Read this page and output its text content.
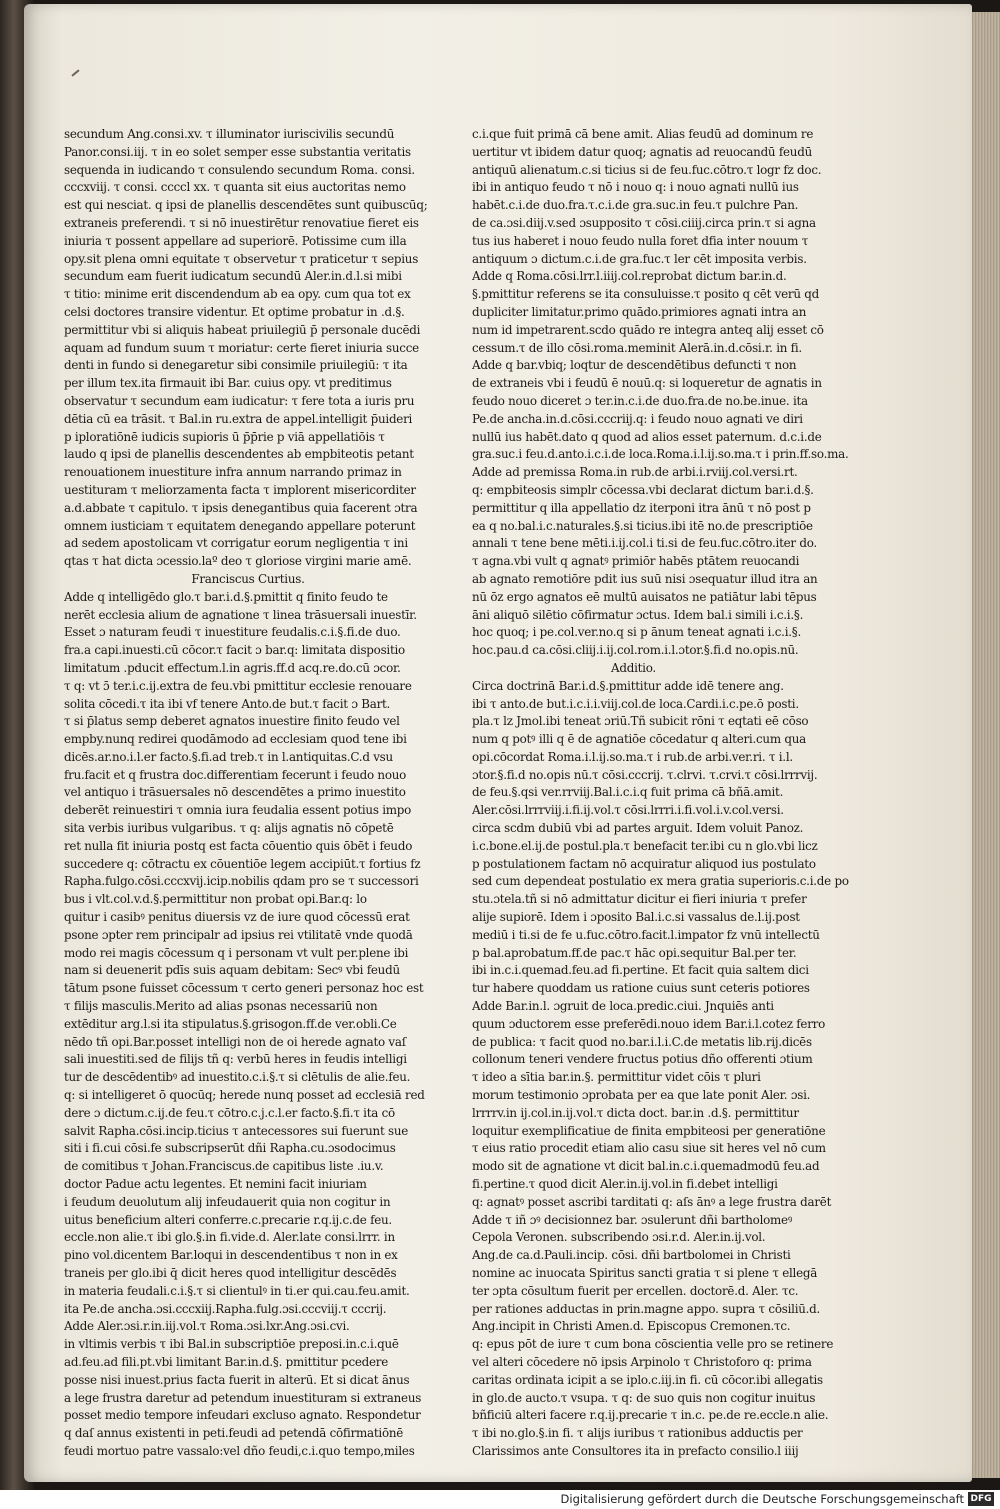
secundum Ang.consi.xv. τ illuminator iuriscivilis secundū
Panor.consi.iij. τ in eo solet semper esse substantia veritatis
sequenda in iudicando τ consulendo secundum Roma. consi.
cccxviij. τ consi. ccccl xx. τ quanta sit eius auctoritas nemo
est qui nesciat. q ipsi de planellis descendētes sunt quibuscūq;
extraneis preferendi. τ si nō inuestirētur renovatiue fieret eis
iniuria τ possent appellare ad superiorē. Potissime cum illa
opy.sit plena omni equitate τ observetur τ praticetur τ sepius
secundum eam fuerit iudicatum secundū Aler.in.d.l.si mibi
τ titio: minime erit discendendum ab ea opy. cum qua tot ex
celsi doctores transire videntur. Et optime probatur in .d.§.
permittitur vbi si aliquis habeat priuilegiū p̄ personale ducēdi
aquam ad fundum suum τ moriatur: certe fieret iniuria succe
denti in fundo si denegaretur sibi consimile priuilegiū: τ ita
per illum tex.ita firmauit ibi Bar. cuius opy. vt preditimus
observatur τ secundum eam iudicatur: τ fere tota a iuris pru
dētia cū ea trāsit. τ Bal.in ru.extra de appel.intelligit p̄uideri
p iploratiōnē iudicis supioris ū p̄p̄rie p viā appellatiōis τ
laudo q ipsi de planellis descendentes ab empbiteotis petant
renouationem inuestiture infra annum narrando primaz in
uestituram τ meliorzamenta facta τ implorent misericorditer
a.d.abbate τ capitulo. τ ipsis denegantibus quia facerent ɔtra
omnem iusticiam τ equitatem denegando appellare poterunt
ad sedem apostolicam vt corrigatur eorum negligentia τ ini
qtas τ hat dicta ɔcessio.laº deo τ gloriose virgini marie amē.
Franciscus Curtius.
Adde q intelligēdo glo.τ bar.i.d.§.pmittit q finito feudo te
nerēt ecclesia alium de agnatione τ linea trāsuersali inuestīr.
Esset ɔ naturam feudi τ inuestiture feudalis.c.i.§.fi.de duo.
fra.a capi.inuesti.cū cōcor.τ facit ɔ bar.q: limitata dispositio
limitatum .pducit effectum.l.in agris.ff.d acq.re.do.cū ɔcor.
τ q: vt ɔ̄ ter.i.c.ij.extra de feu.vbi pmittitur ecclesie renouare
solita cōcedi.τ ita ibi vf tenere Anto.de but.τ facit ɔ Bart.
τ si p̄latus semp deberet agnatos inuestire finito feudo vel
empby.nunq redirei quodāmodo ad ecclesiam quod tene ibi
dicēs.ar.no.i.l.er facto.§.fi.ad treb.τ in l.antiquitas.C.d vsu
fru.facit et q frustra doc.differentiam fecerunt i feudo nouo
vel antiquo i trāsuersales nō descendētes a primo inuestito
deberēt reinuestiri τ omnia iura feudalia essent potius impo
sita verbis iuribus vulgaribus. τ q: alijs agnatis nō cōpetē
ret nulla fit iniuria postq est facta cōuentio quis ōbēt i feudo
succedere q: cōtractu ex cōuentiōe legem accipiūt.τ fortius fz
Rapha.fulgo.cōsi.cccxvij.icip.nobilis qdam pro se τ successori
bus i vlt.col.v.d.§.permittitur non probat opi.Bar.q: lo
quitur i casibꝰ penitus diuersis vz de iure quod cōcessū erat
psone ɔpter rem principalr ad ipsius rei vtilitatē vnde quodā
modo rei magis cōcessum q i personam vt vult per.plene ibi
nam si deuenerit pdīs suis aquam debitam: Secꝰ vbi feudū
tātum psone fuisset cōcessum τ certo generi personaz hoc est
τ filijs masculis.Merito ad alias psonas necessariū non
extēditur arg.l.si ita stipulatus.§.grisogon.ff.de ver.obli.Ce
nēdo tñ opi.Bar.posset intelligi non de oi herede agnato vaſ
sali inuestiti.sed de filijs tñ q: verbū heres in feudis intelligi
tur de descēdentibꝰ ad inuestito.c.i.§.τ si clētulis de alie.feu.
q: si intelligeret ō quocūq; herede nunq posset ad ecclesiā red
dere ɔ dictum.c.ij.de feu.τ cōtro.c.j.c.l.er facto.§.fi.τ ita cō
salvit Rapha.cōsi.incip.ticius τ antecessores sui fuerunt sue
siti i fi.cui cōsi.fe subscripserūt dñi Rapha.cu.ɔsodocimus
de comitibus τ Johan.Franciscus.de capitibus liste .iu.v.
doctor Padue actu legentes. Et nemini facit iniuriam
i feudum deuolutum alij infeudauerit quia non cogitur in
uitus beneficium alteri conferre.c.precarie r.q.ij.c.de feu.
eccle.non alie.τ ibi glo.§.in fi.vide.d. Aler.late consi.lrrr. in
pino vol.dicentem Bar.loqui in descendentibus τ non in ex
traneis per glo.ibi q̄ dicit heres quod intelligitur descēdēs
in materia feudali.c.i.§.τ si clientulꝰ in ti.er qui.cau.feu.amit.
ita Pe.de ancha.ɔsi.cccxiij.Rapha.fulg.ɔsi.cccviij.τ cccrij.
Adde Aler.ɔsi.r.in.iij.vol.τ Roma.ɔsi.lxr.Ang.ɔsi.cvi.
in vltimis verbis τ ibi Bal.in subscriptiōe preposi.in.c.i.quē
ad.feu.ad fili.pt.vbi limitant Bar.in.d.§. pmittitur pcedere
posse nisi inuest.prius facta fuerit in alterū. Et si dicat ānus
a lege frustra daretur ad petendum inuestituram si extraneus
posset medio tempore infeudari excluso agnato. Respondetur
q daſ annus existenti in peti.feudi ad petendā cōfirmatiōnē
feudi mortuo patre vassalo:vel dño feudi,c.i.quo tempo,miles
c.i.que fuit primā cā bene amit. Alias feudū ad dominum re
uertitur vt ibidem datur quoq; agnatis ad reuocandū feudū
antiquū alienatum.c.si ticius si de feu.fuc.cōtro.τ logr fz doc.
ibi in antiquo feudo τ nō i nouo q: i nouo agnati nullū ius
habēt.c.i.de duo.fra.τ.c.i.de gra.suc.in feu.τ pulchre Pan.
de ca.ɔsi.diij.v.sed ɔsupposito τ cōsi.ciiij.circa prin.τ si agna
tus ius haberet i nouo feudo nulla foret dfia inter nouum τ
antiquum ɔ dictum.c.i.de gra.fuc.τ ler cēt imposita verbis.
Adde q Roma.cōsi.lrr.l.iiij.col.reprobat dictum bar.in.d.
§.pmittitur referens se ita consuluisse.τ posito q cēt verū qd
dupliciter limitatur.primo quādo.primiores agnati intra an
num id impetrarent.scdo quādo re integra anteq alij esset cō
cessum.τ de illo cōsi.roma.meminit Alerā.in.d.cōsi.r. in fi.
Adde q bar.vbiq; loqtur de descendētibus defuncti τ non
de extraneis vbi i feudū ē nouū.q: si loqueretur de agnatis in
feudo nouo diceret ɔ ter.in.c.i.de duo.fra.de no.be.inue. ita
Pe.de ancha.in.d.cōsi.cccriij.q: i feudo nouo agnati ve diri
nullū ius habēt.dato q quod ad alios esset paternum. d.c.i.de
gra.suc.i feu.d.anto.i.c.i.de loca.Roma.i.l.ij.so.ma.τ i prin.ff.so.ma.
Adde ad premissa Roma.in rub.de arbi.i.rviij.col.versi.rt.
q: empbiteosis simplr cōcessa.vbi declarat dictum bar.i.d.§.
permittitur q illa appellatio dz iterponi itra ānū τ nō post p
ea q no.bal.i.c.naturales.§.si ticius.ibi itē no.de prescriptiōe
annali τ tene bene mēti.i.ij.col.i ti.si de feu.fuc.cōtro.iter do.
τ agna.vbi vult q agnatꝰ primiōr habēs ptātem reuocandi
ab agnato remotiōre pdit ius suū nisi ɔsequatur illud itra an
nū ōz ergo agnatos eē multū auisatos ne patiātur labi tēpus
āni aliquō silētio cōfirmatur ɔctus. Idem bal.i simili i.c.i.§.
hoc quoq; i pe.col.ver.no.q si p ānum teneat agnati i.c.i.§.
hoc.pau.d ca.cōsi.cliij.i.ij.col.rom.i.l.ɔtor.§.fi.d no.opis.nū.
Additio.
Circa doctrinā Bar.i.d.§.pmittitur adde idē tenere ang.
ibi τ anto.de but.i.c.i.i.viij.col.de loca.Cardi.i.c.pe.ō posti.
pla.τ lz Jmol.ibi teneat ɔriū.Tñ subicit rōni τ eqtati eē cōso
num q potꝰ illi q ē de agnatiōe cōcedatur q alteri.cum qua
opi.cōcordat Roma.i.l.ij.so.ma.τ i rub.de arbi.ver.ri. τ i.l.
ɔtor.§.fi.d no.opis nū.τ cōsi.cccrij. τ.clrvi. τ.crvi.τ cōsi.lrrrvij.
de feu.§.qsi ver.rrviij.Bal.i.c.i.q fuit prima cā bñā.amit.
Aler.cōsi.lrrrviij.i.fi.ij.vol.τ cōsi.lrrri.i.fi.vol.i.v.col.versi.
circa scdm dubiū vbi ad partes arguit. Idem voluit Panoz.
i.c.bone.el.ij.de postul.pla.τ benefacit ter.ibi cu n glo.vbi licz
p postulationem factam nō acquiratur aliquod ius postulato
sed cum dependeat postulatio ex mera gratia superioris.c.i.de po
stu.ɔtela.tñ si nō admittatur dicitur ei fieri iniuria τ prefer
alije supiorē. Idem i ɔposito Bal.i.c.si vassalus de.l.ij.post
mediū i ti.si de fe u.fuc.cōtro.facit.l.impator fz vnū intellectū
p bal.aprobatum.ff.de pac.τ hāc opi.sequitur Bal.per ter.
ibi in.c.i.quemad.feu.ad fi.pertine. Et facit quia saltem dici
tur habere quoddam us ratione cuius sunt ceteris potiores
Adde Bar.in.l. ɔgruit de loca.predic.ciui. Jnquiēs anti
quum ɔductorem esse preferēdi.nouo idem Bar.i.l.cotez ferro
de publica: τ facit quod no.bar.i.l.i.C.de metatis lib.rij.dicēs
collonum teneri vendere fructus potius dño offerenti ɔtium
τ ideo a sītia bar.in.§. permittitur videt cōis τ pluri
morum testimonio ɔprobata per ea que late ponit Aler. ɔsi.
lrrrrv.in ij.col.in.ij.vol.τ dicta doct. bar.in .d.§. permittitur
loquitur exemplificatiue de finita empbiteosi per generatiōne
τ eius ratio procedit etiam alio casu siue sit heres vel nō cum
modo sit de agnatione vt dicit bal.in.c.i.quemadmodū feu.ad
fi.pertine.τ quod dicit Aler.in.ij.vol.in fi.debet intelligi
q: agnatꝰ posset ascribi tarditati q: aſs ānꝰ a lege frustra darēt
Adde τ iñ ɔꝰ decisionnez bar. ɔsulerunt dñi bartholomeꝰ
Cepola Veronen. subscribendo ɔsi.r.d. Aler.in.ij.vol.
Ang.de ca.d.Pauli.incip. cōsi. dñi bartbolomei in Christi
nomine ac inuocata Spiritus sancti gratia τ si plene τ ellegā
ter ɔpta cōsultum fuerit per ercellen. doctorē.d. Aler. τc.
per rationes adductas in prin.magne appo. supra τ cōsiliū.d.
Ang.incipit in Christi Amen.d. Episcopus Cremonen.τc.
q: epus pōt de iure τ cum bona cōscientia velle pro se retinere
vel alteri cōcedere nō ipsis Arpinolo τ Christoforo q: prima
caritas ordinata icipit a se iplo.c.iij.in fi. cū cōcor.ibi allegatis
in glo.de aucto.τ vsupa. τ q: de suo quis non cogitur inuitus
bñficiū alteri facere r.q.ij.precarie τ in.c. pe.de re.eccle.n alie.
τ ibi no.glo.§.in fi. τ alijs iuribus τ rationibus adductis per
Clarissimos ante Consultores ita in prefacto consilio. l iiij
Digitalisierung gefördert durch die Deutsche Forschungsgemeinschaft DFG
